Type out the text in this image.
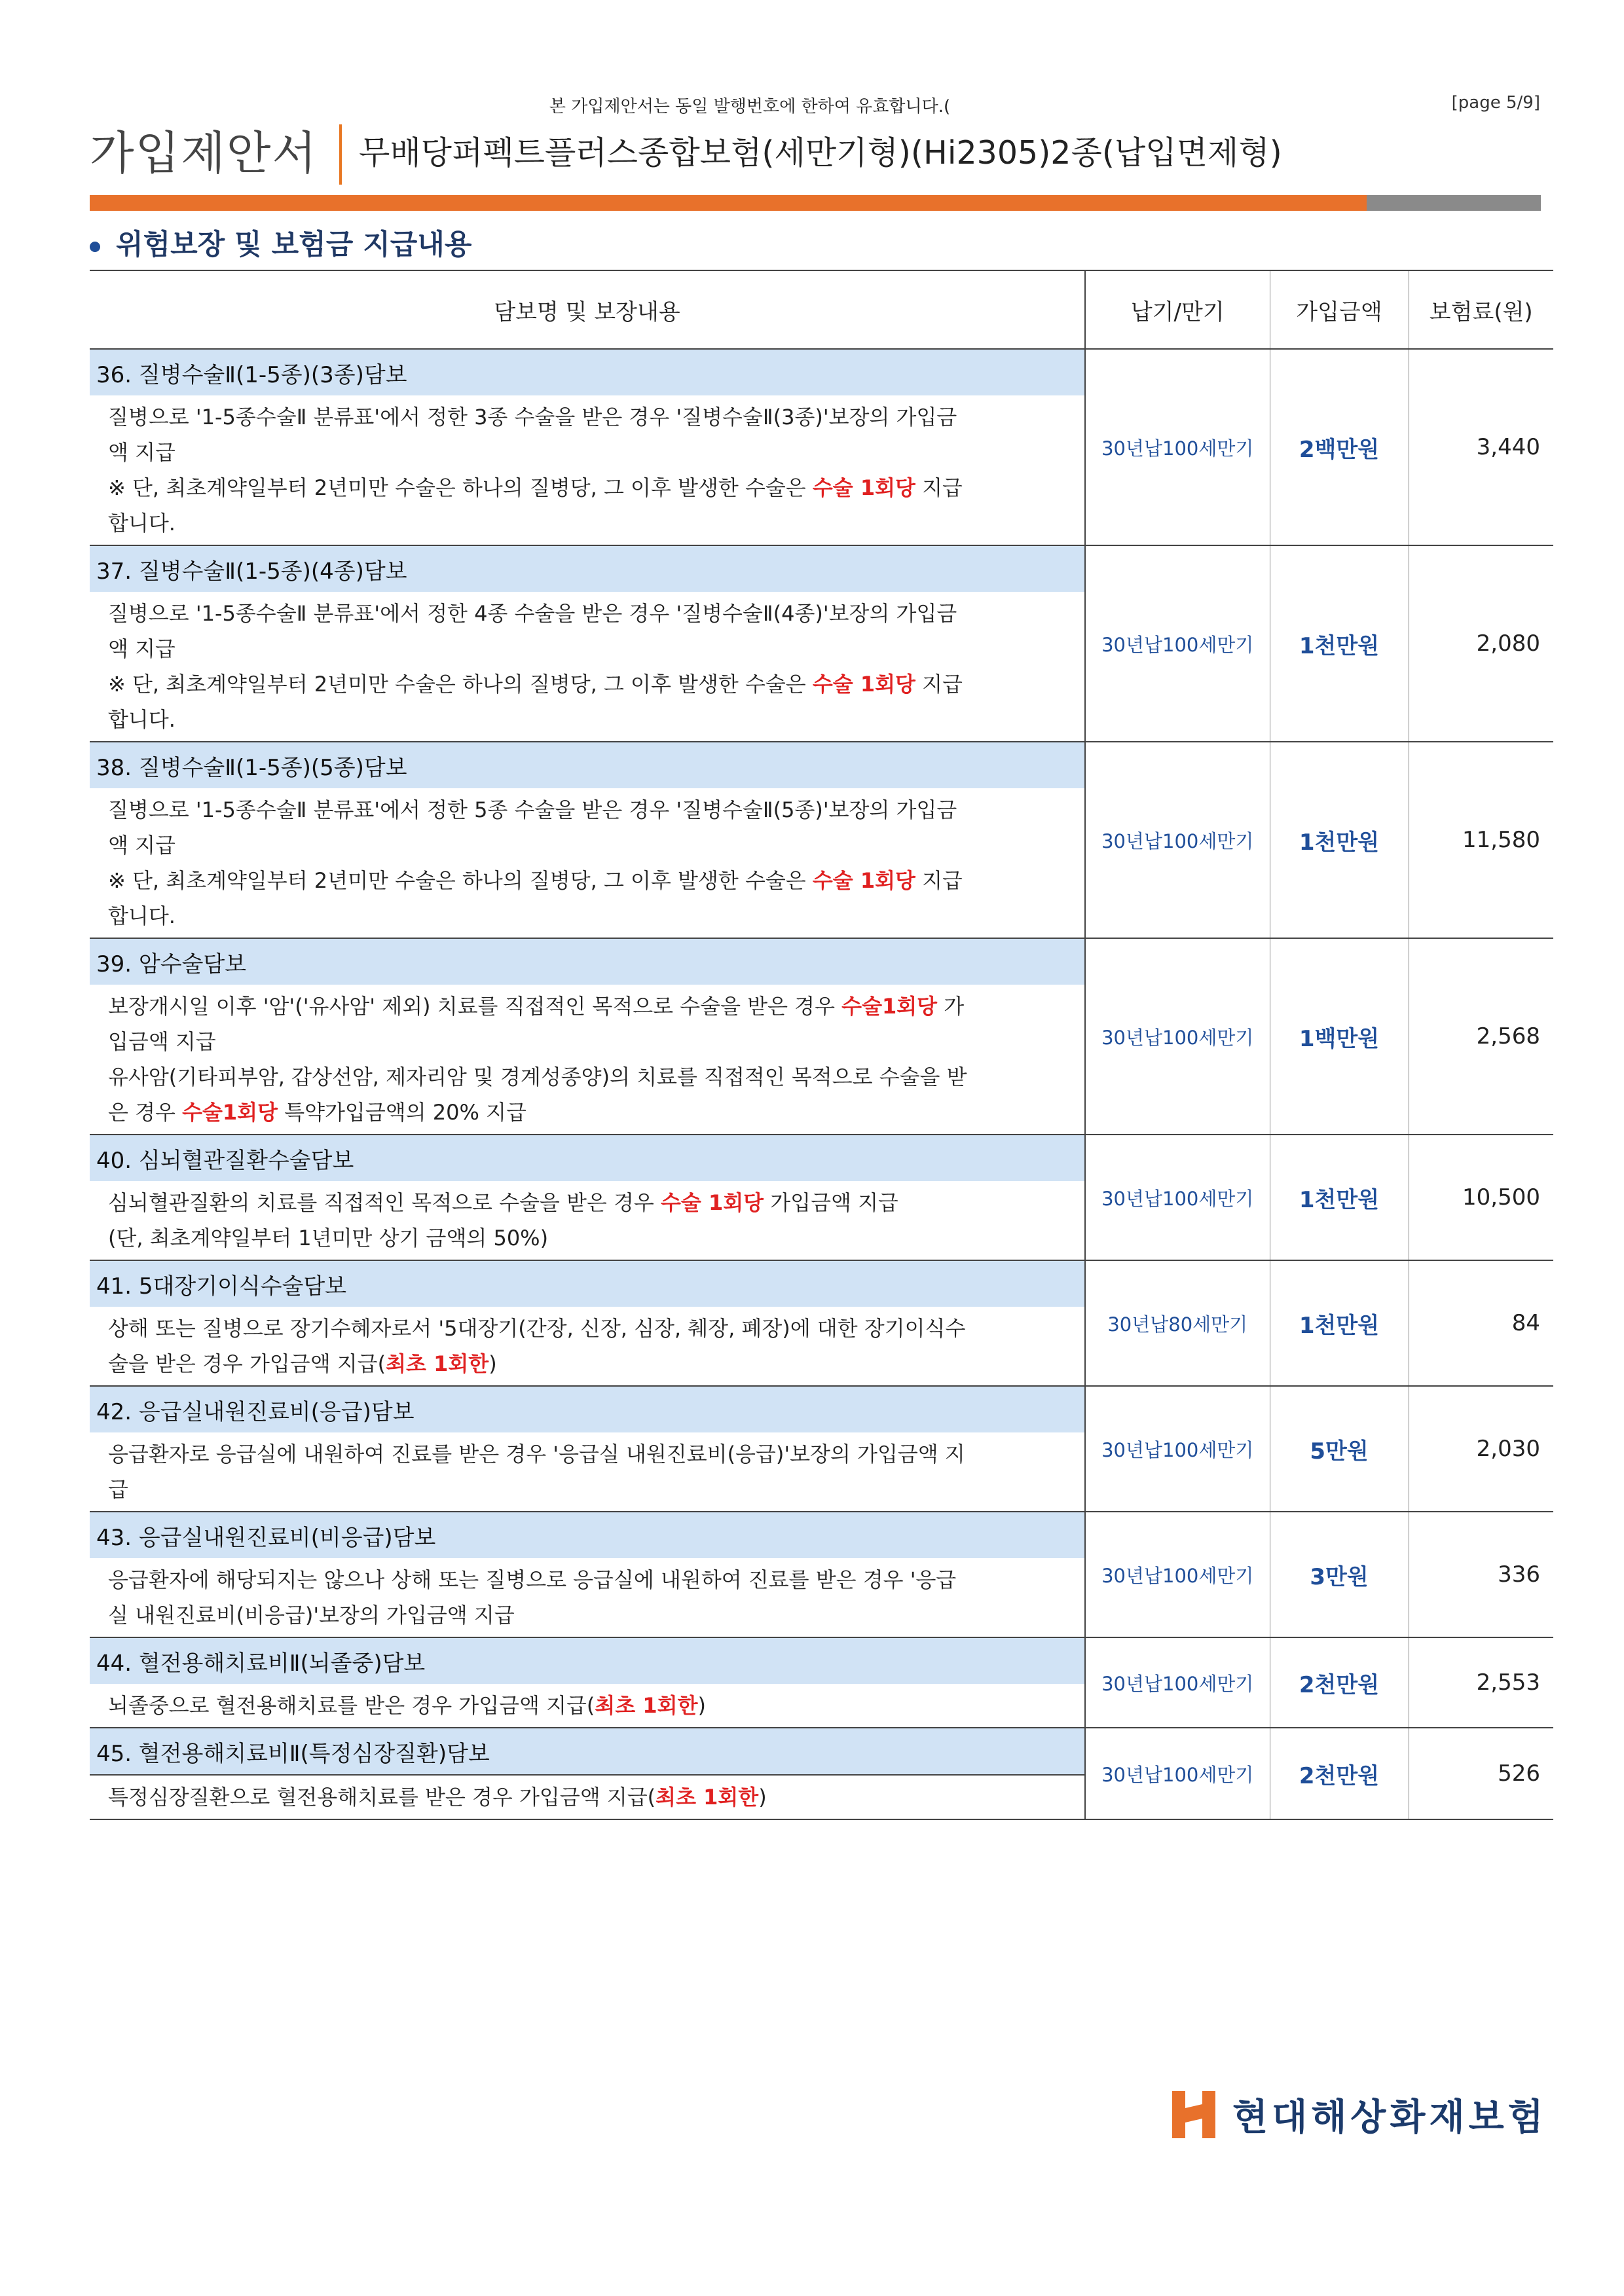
본 가입제안서는 동일 발행번호에 한하여 유효합니다.(	[page 5/9]
가입제안서 무배당퍼펙트플러스종합보험(세만기형)(Hi2305)2종(납입면제형)
위험보장 및 보험금 지급내용
담보명 및 보장내용	납기/만기	가입금액	보험료(원)
36. 질병수술Ⅱ(1-5종)(3종)담보	30년납100세만기	2백만원	3,440

질병으로 '1-5종수술Ⅱ 분류표'에서 정한 3종 수술을 받은 경우 '질병수술Ⅱ(3종)'보장의 가입금
액 지급
※ 단, 최초계약일부터 2년미만 수술은 하나의 질병당, 그 이후 발생한 수술은 수술 1회당 지급
합니다.			

37. 질병수술Ⅱ(1-5종)(4종)담보	30년납100세만기	1천만원	2,080

질병으로 '1-5종수술Ⅱ 분류표'에서 정한 4종 수술을 받은 경우 '질병수술Ⅱ(4종)'보장의 가입금
액 지급
※ 단, 최초계약일부터 2년미만 수술은 하나의 질병당, 그 이후 발생한 수술은 수술 1회당 지급
합니다.			

38. 질병수술Ⅱ(1-5종)(5종)담보	30년납100세만기	1천만원	11,580

질병으로 '1-5종수술Ⅱ 분류표'에서 정한 5종 수술을 받은 경우 '질병수술Ⅱ(5종)'보장의 가입금
액 지급
※ 단, 최초계약일부터 2년미만 수술은 하나의 질병당, 그 이후 발생한 수술은 수술 1회당 지급
합니다.			

39. 암수술담보	30년납100세만기	1백만원	2,568

보장개시일 이후 '암'('유사암' 제외) 치료를 직접적인 목적으로 수술을 받은 경우 수술1회당 가
입금액 지급
유사암(기타피부암, 갑상선암, 제자리암 및 경계성종양)의 치료를 직접적인 목적으로 수술을 받
은 경우 수술1회당 특약가입금액의 20% 지급			

40. 심뇌혈관질환수술담보	30년납100세만기	1천만원	10,500

심뇌혈관질환의 치료를 직접적인 목적으로 수술을 받은 경우 수술 1회당 가입금액 지급
(단, 최초계약일부터 1년미만 상기 금액의 50%)			

41. 5대장기이식수술담보	30년납80세만기	1천만원	84

상해 또는 질병으로 장기수혜자로서 '5대장기(간장, 신장, 심장, 췌장, 폐장)에 대한 장기이식수
술을 받은 경우 가입금액 지급(최초 1회한)			

42. 응급실내원진료비(응급)담보	30년납100세만기	5만원	2,030

응급환자로 응급실에 내원하여 진료를 받은 경우 '응급실 내원진료비(응급)'보장의 가입금액 지
급			

43. 응급실내원진료비(비응급)담보	30년납100세만기	3만원	336

응급환자에 해당되지는 않으나 상해 또는 질병으로 응급실에 내원하여 진료를 받은 경우 '응급
실 내원진료비(비응급)'보장의 가입금액 지급			

44. 혈전용해치료비Ⅱ(뇌졸중)담보	30년납100세만기	2천만원	2,553

뇌졸중으로 혈전용해치료를 받은 경우 가입금액 지급(최초 1회한)			

45. 혈전용해치료비Ⅱ(특정심장질환)담보	30년납100세만기	2천만원	526

특정심장질환으로 혈전용해치료를 받은 경우 가입금액 지급(최초 1회한)			
현대해상화재보험
